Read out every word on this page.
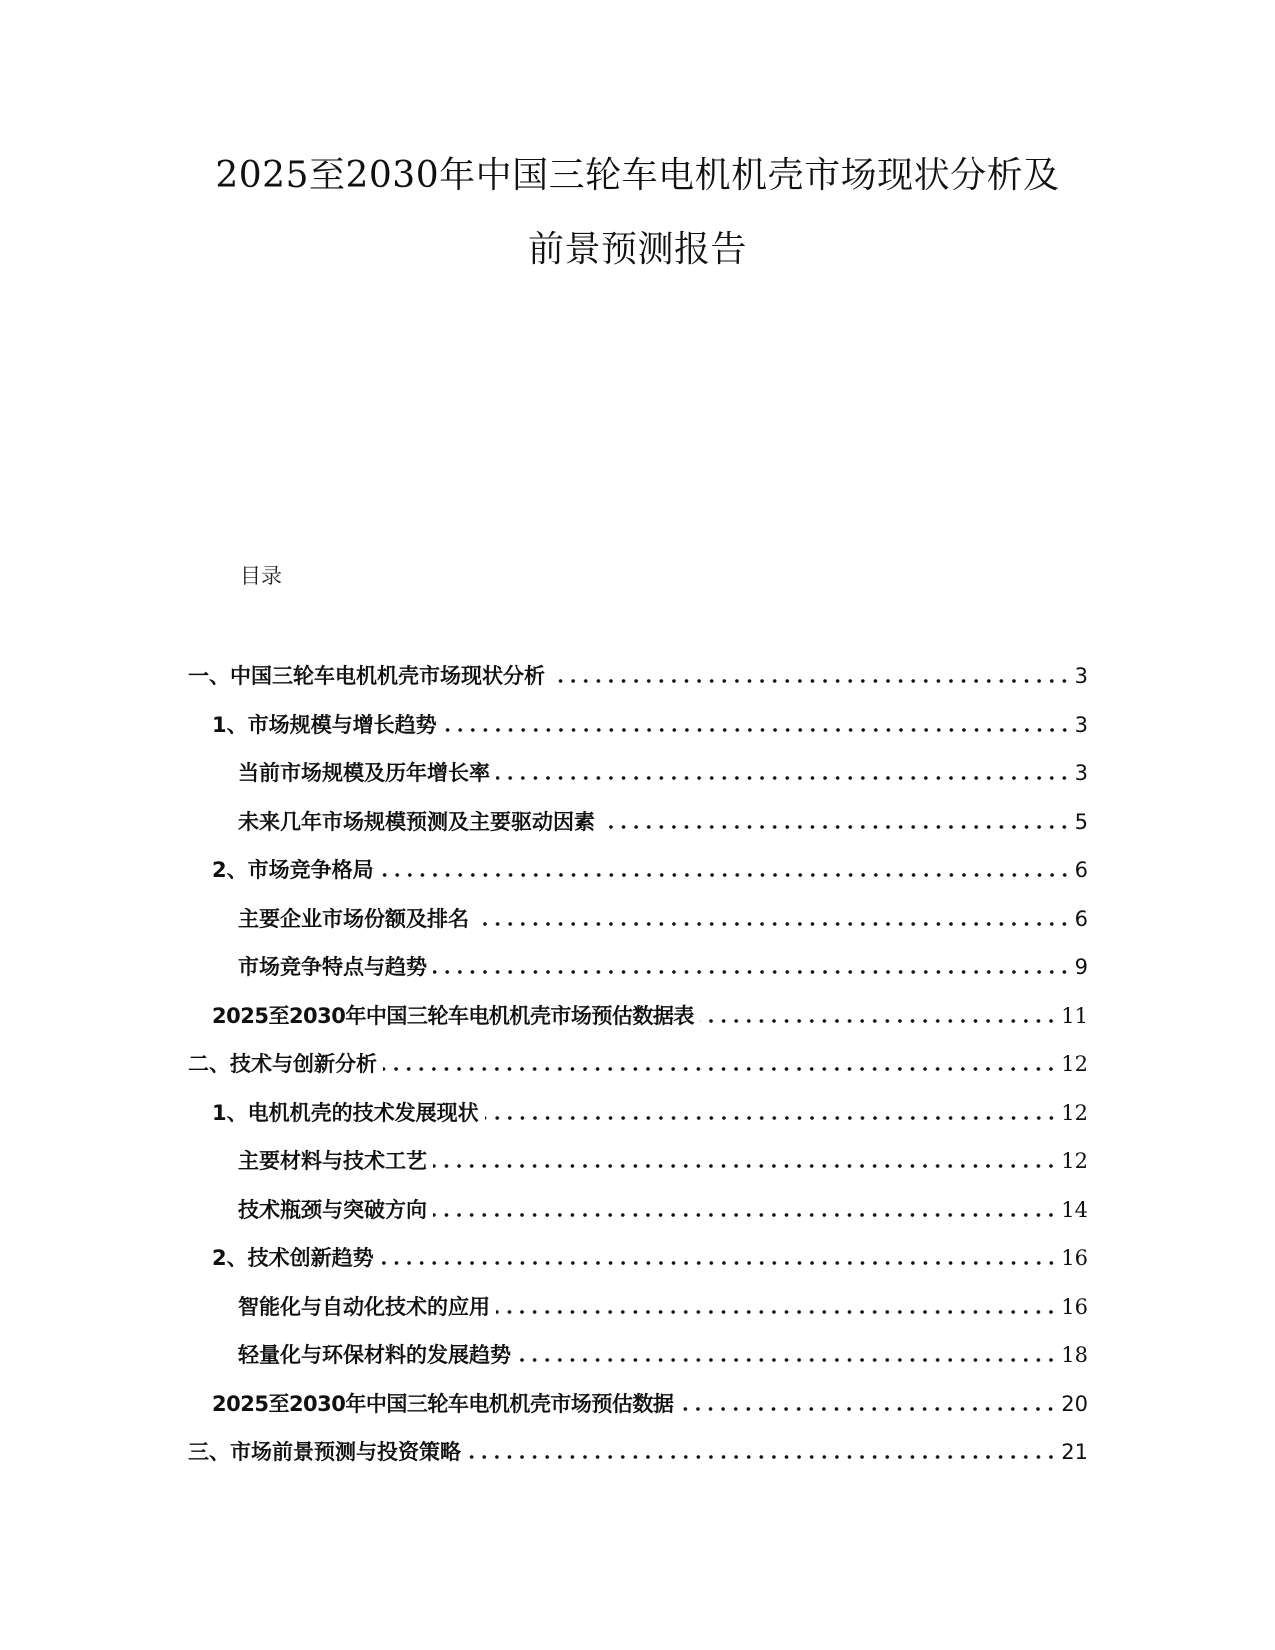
2025至2030年中国三轮车电机机壳市场现状分析及
前景预测报告
目录
一、中国三轮车电机机壳市场现状分析	3
1、市场规模与增长趋势	3
当前市场规模及历年增长率	3
未来几年市场规模预测及主要驱动因素	5
2、市场竞争格局	6
主要企业市场份额及排名	6
市场竞争特点与趋势	9
2025至2030年中国三轮车电机机壳市场预估数据表	11
二、技术与创新分析	12
1、电机机壳的技术发展现状	12
主要材料与技术工艺	12
技术瓶颈与突破方向	14
2、技术创新趋势	16
智能化与自动化技术的应用	16
轻量化与环保材料的发展趋势	18
2025至2030年中国三轮车电机机壳市场预估数据	20
三、市场前景预测与投资策略	21
